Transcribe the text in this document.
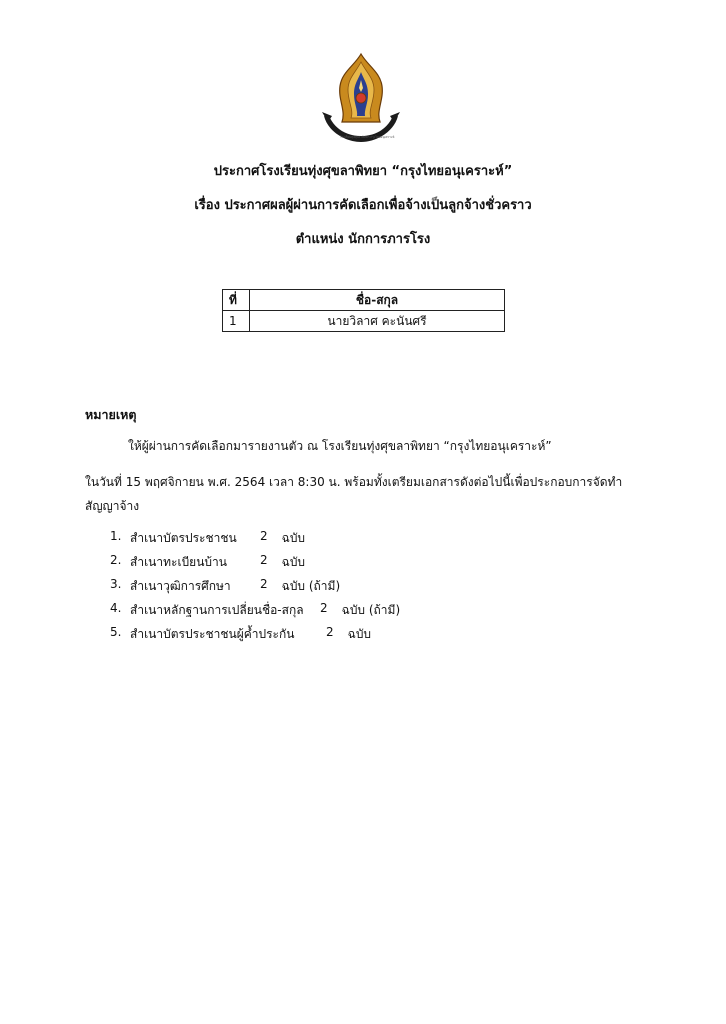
โรงเรียนทุ่งศุขลาพิทยา กรุงไทยอนุเคราะห์
ประกาศโรงเรียนทุ่งศุขลาพิทยา “กรุงไทยอนุเคราะห์”
เรื่อง ประกาศผลผู้ผ่านการคัดเลือกเพื่อจ้างเป็นลูกจ้างชั่วคราว
ตำแหน่ง นักการภารโรง
ที่	ชื่อ-สกุล
1	นายวิลาศ คะนันศรี
หมายเหตุ
ให้ผู้ผ่านการคัดเลือกมารายงานตัว ณ โรงเรียนทุ่งศุขลาพิทยา “กรุงไทยอนุเคราะห์”
ในวันที่ 15 พฤศจิกายน พ.ศ. 2564 เวลา 8:30 น. พร้อมทั้งเตรียมเอกสารดังต่อไปนี้เพื่อประกอบการจัดทำ
สัญญาจ้าง
1. สำเนาบัตรประชาชน	2 ฉบับ
2. สำเนาทะเบียนบ้าน	2 ฉบับ
3. สำเนาวุฒิการศึกษา	2 ฉบับ (ถ้ามี)
4. สำเนาหลักฐานการเปลี่ยนชื่อ-สกุล	2 ฉบับ (ถ้ามี)
5. สำเนาบัตรประชาชนผู้ค้ำประกัน	2 ฉบับ
